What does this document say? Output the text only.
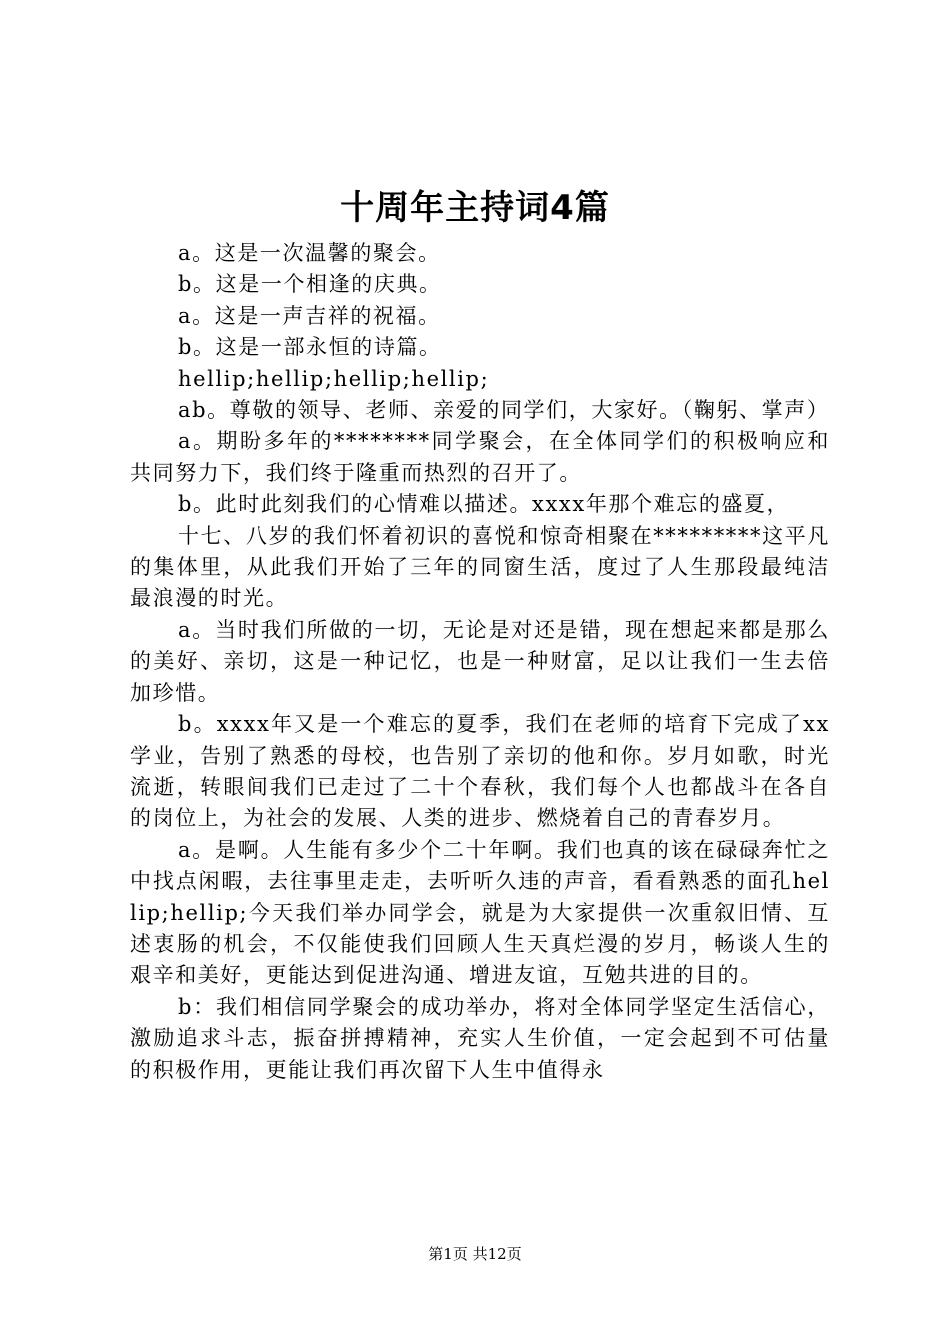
十周年主持词4篇

a。这是一次温馨的聚会。

b。这是一个相逢的庆典。

a。这是一声吉祥的祝福。

b。这是一部永恒的诗篇。

hellip;hellip;hellip;hellip;

ab。尊敬的领导、老师、亲爱的同学们，大家好。（鞠躬、掌声）

a。期盼多年的********同学聚会，在全体同学们的积极响应和共同努力下，我们终于隆重而热烈的召开了。

b。此时此刻我们的心情难以描述。xxxx年那个难忘的盛夏，

十七、八岁的我们怀着初识的喜悦和惊奇相聚在*********这平凡的集体里，从此我们开始了三年的同窗生活，度过了人生那段最纯洁最浪漫的时光。

a。当时我们所做的一切，无论是对还是错，现在想起来都是那么的美好、亲切，这是一种记忆，也是一种财富，足以让我们一生去倍加珍惜。

b。xxxx年又是一个难忘的夏季，我们在老师的培育下完成了xx学业，告别了熟悉的母校，也告别了亲切的他和你。岁月如歌，时光流逝，转眼间我们已走过了二十个春秋，我们每个人也都战斗在各自的岗位上，为社会的发展、人类的进步、燃烧着自己的青春岁月。

a。是啊。人生能有多少个二十年啊。我们也真的该在碌碌奔忙之中找点闲暇，去往事里走走，去听听久违的声音，看看熟悉的面孔hellip;hellip;今天我们举办同学会，就是为大家提供一次重叙旧情、互述衷肠的机会，不仅能使我们回顾人生天真烂漫的岁月，畅谈人生的艰辛和美好，更能达到促进沟通、增进友谊，互勉共进的目的。

b：我们相信同学聚会的成功举办，将对全体同学坚定生活信心，激励追求斗志，振奋拼搏精神，充实人生价值，一定会起到不可估量的积极作用，更能让我们再次留下人生中值得永

第1页 共12页
